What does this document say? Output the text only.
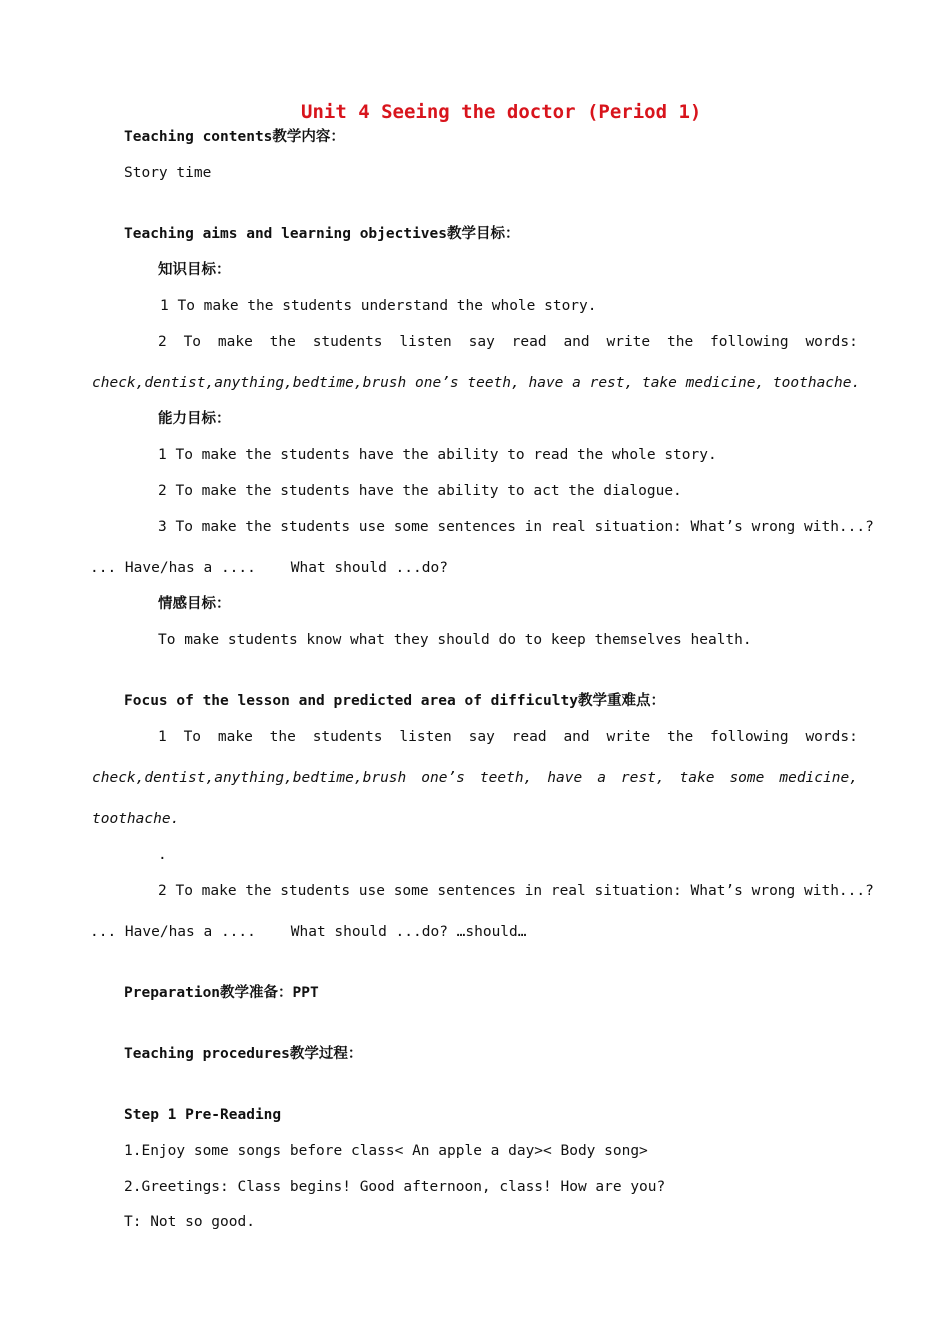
Unit 4 Seeing the doctor (Period 1)
Teaching contents教学内容：
Story time
Teaching aims and learning objectives教学目标：
知识目标：
1 To make the students understand the whole story.
2 To make the students listen say read and write the following words:
check,dentist,anything,bedtime,brush one’s teeth, have a rest, take medicine, toothache.
能力目标：
1 To make the students have the ability to read the whole story.
2 To make the students have the ability to act the dialogue.
3 To make the students use some sentences in real situation: What’s wrong with...?
... Have/has a ....    What should ...do?
情感目标：
To make students know what they should do to keep themselves health.
Focus of the lesson and predicted area of difficulty教学重难点：
1 To make the students listen say read and write the following words:
check,dentist,anything,bedtime,brush one’s teeth, have a rest, take some medicine,
toothache.
.
2 To make the students use some sentences in real situation: What’s wrong with...?
... Have/has a ....    What should ...do? …should…
Preparation教学准备：PPT
Teaching procedures教学过程：
Step 1 Pre-Reading
1.Enjoy some songs before class< An apple a day>< Body song>
2.Greetings: Class begins! Good afternoon, class! How are you?
T: Not so good.
